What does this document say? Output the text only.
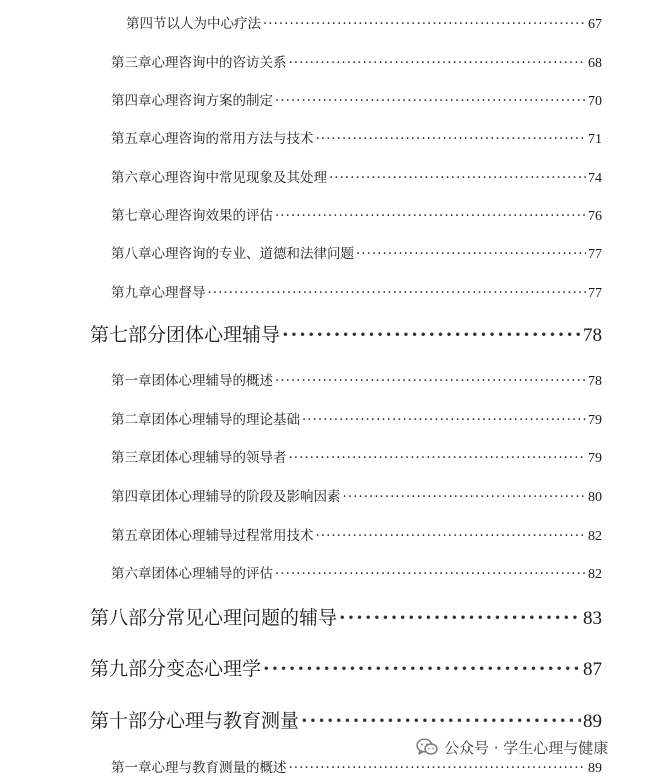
第四节 以人为中心疗法 ·····	67
第三章 心理咨询中的咨访关系 ·····	68
第四章 心理咨询方案的制定 ·····	70
第五章 心理咨询的常用方法与技术 ·····	71
第六章 心理咨询中常见现象及其处理 ·····	74
第七章 心理咨询效果的评估 ·····	76
第八章 心理咨询的专业、道德和法律问题 ·····	77
第九章 心理督导 ·····	77
第七部分 团体心理辅导 ·····	78
第一章 团体心理辅导的概述 ·····	78
第二章 团体心理辅导的理论基础 ·····	79
第三章 团体心理辅导的领导者 ·····	79
第四章 团体心理辅导的阶段及影响因素 ·····	80
第五章 团体心理辅导过程常用技术 ·····	82
第六章 团体心理辅导的评估 ·····	82
第八部分 常见心理问题的辅导 ·····	83
第九部分 变态心理学 ·····	87
第十部分 心理与教育测量 ·····	89
第一章 心理与教育测量的概述 ·····	89
公众号 · 学生心理与健康
